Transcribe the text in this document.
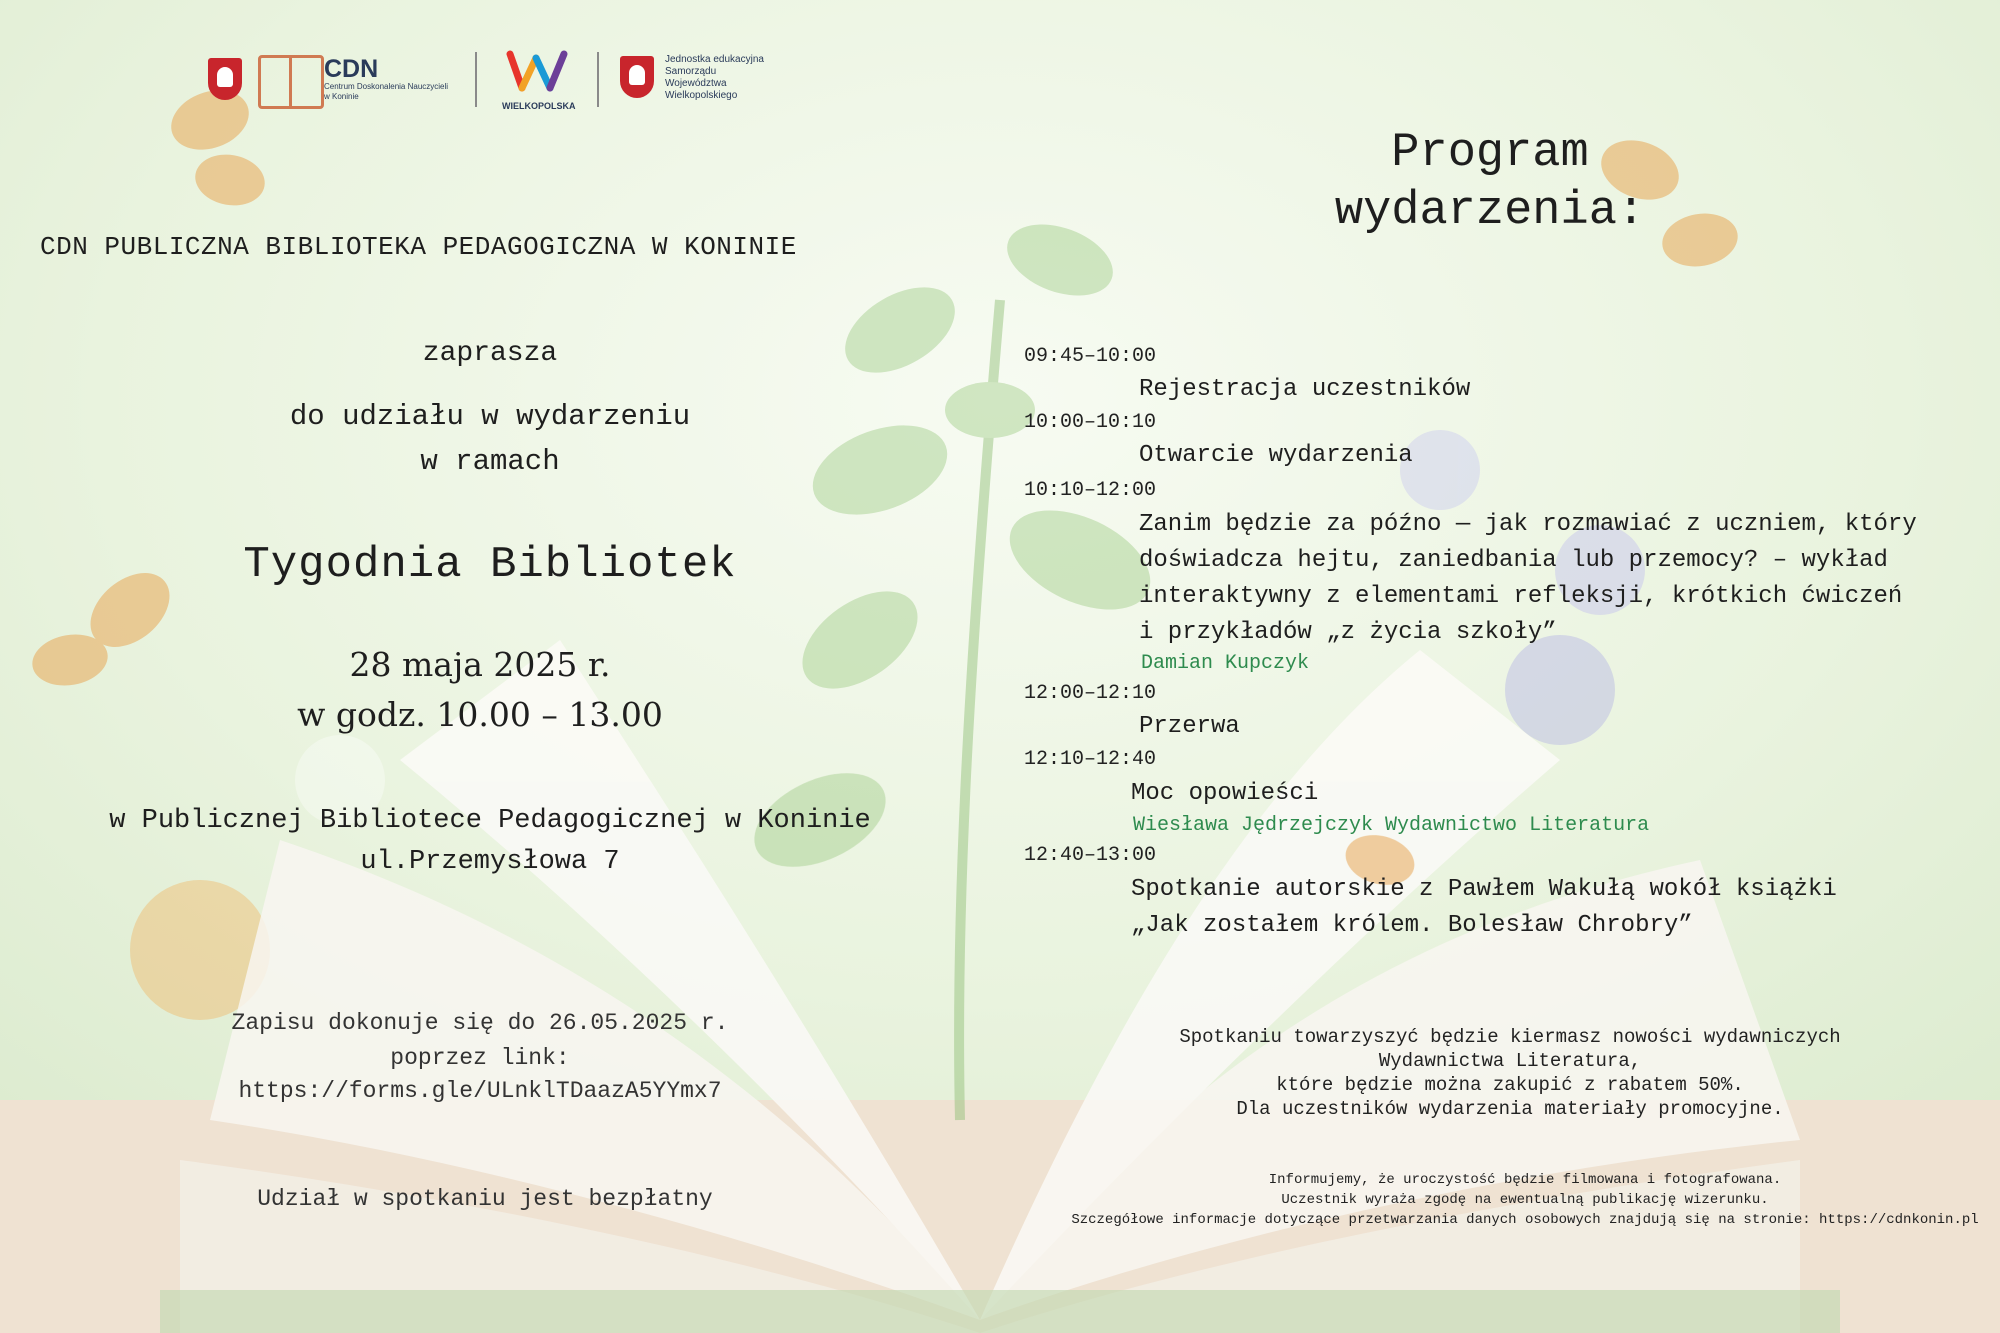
CDN
Centrum Doskonalenia Nauczycieli
w Koninie
WIELKOPOLSKA
Jednostka edukacyjna
Samorządu
Województwa
Wielkopolskiego
CDN PUBLICZNA BIBLIOTEKA PEDAGOGICZNA W KONINIE
zaprasza
do udziału w wydarzeniu
w ramach
Tygodnia Bibliotek
28 maja 2025 r.
w godz. 10.00 – 13.00
w Publicznej Bibliotece Pedagogicznej w Koninie
ul.Przemysłowa 7
Zapisu dokonuje się do 26.05.2025 r.
poprzez link:
https://forms.gle/ULnklTDaazA5YYmx7
Udział w spotkaniu jest bezpłatny
Program
wydarzenia:
09:45–10:00
Rejestracja uczestników
10:00–10:10
Otwarcie wydarzenia
10:10–12:00
Zanim będzie za późno — jak rozmawiać z uczniem, który
doświadcza hejtu, zaniedbania lub przemocy? – wykład
interaktywny z elementami refleksji, krótkich ćwiczeń
i przykładów „z życia szkoły”
Damian Kupczyk
12:00–12:10
Przerwa
12:10–12:40
Moc opowieści
Wiesława Jędrzejczyk Wydawnictwo Literatura
12:40–13:00
Spotkanie autorskie z Pawłem Wakułą wokół książki
„Jak zostałem królem. Bolesław Chrobry”
Spotkaniu towarzyszyć będzie kiermasz nowości wydawniczych
Wydawnictwa Literatura,
które będzie można zakupić z rabatem 50%.
Dla uczestników wydarzenia materiały promocyjne.
Informujemy, że uroczystość będzie filmowana i fotografowana.
Uczestnik wyraża zgodę na ewentualną publikację wizerunku.
Szczegółowe informacje dotyczące przetwarzania danych osobowych znajdują się na stronie: https://cdnkonin.pl
